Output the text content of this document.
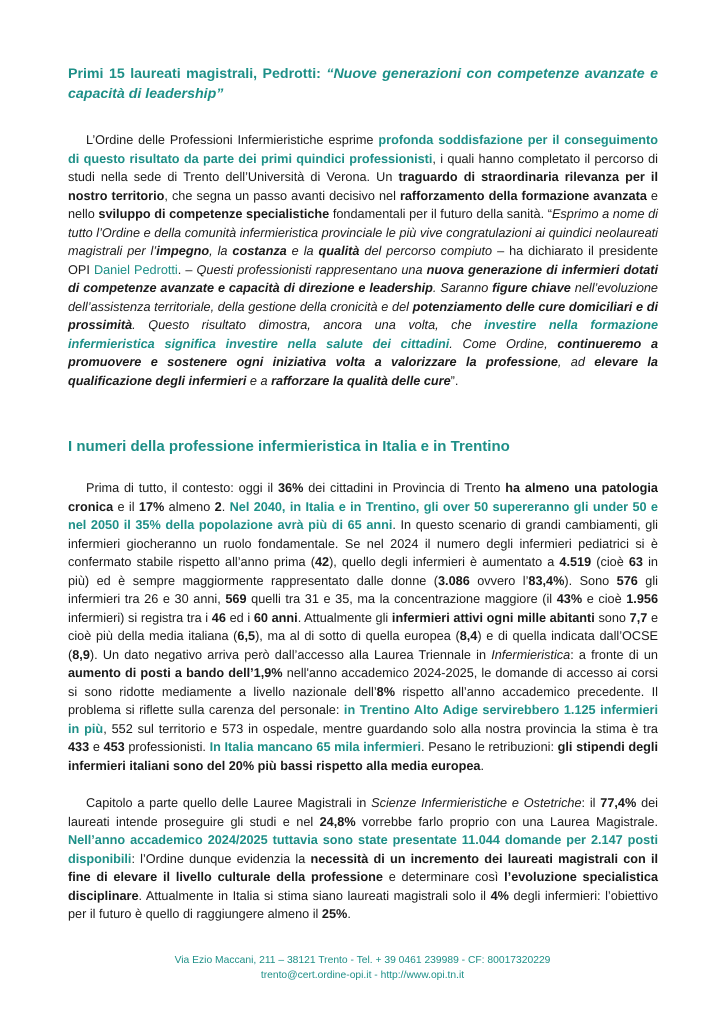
Primi 15 laureati magistrali, Pedrotti: “Nuove generazioni con competenze avanzate e capacità di leadership”

L’Ordine delle Professioni Infermieristiche esprime profonda soddisfazione per il conseguimento di questo risultato da parte dei primi quindici professionisti, i quali hanno completato il percorso di studi nella sede di Trento dell’Università di Verona. Un traguardo di straordinaria rilevanza per il nostro territorio, che segna un passo avanti decisivo nel rafforzamento della formazione avanzata e nello sviluppo di competenze specialistiche fondamentali per il futuro della sanità. “Esprimo a nome di tutto l’Ordine e della comunità infermieristica provinciale le più vive congratulazioni ai quindici neolaureati magistrali per l’impegno, la costanza e la qualità del percorso compiuto – ha dichiarato il presidente OPI Daniel Pedrotti. – Questi professionisti rappresentano una nuova generazione di infermieri dotati di competenze avanzate e capacità di direzione e leadership. Saranno figure chiave nell’evoluzione dell’assistenza territoriale, della gestione della cronicità e del potenziamento delle cure domiciliari e di prossimità. Questo risultato dimostra, ancora una volta, che investire nella formazione infermieristica significa investire nella salute dei cittadini. Come Ordine, continueremo a promuovere e sostenere ogni iniziativa volta a valorizzare la professione, ad elevare la qualificazione degli infermieri e a rafforzare la qualità delle cure”.

I numeri della professione infermieristica in Italia e in Trentino

Prima di tutto, il contesto: oggi il 36% dei cittadini in Provincia di Trento ha almeno una patologia cronica e il 17% almeno 2. Nel 2040, in Italia e in Trentino, gli over 50 supereranno gli under 50 e nel 2050 il 35% della popolazione avrà più di 65 anni. In questo scenario di grandi cambiamenti, gli infermieri giocheranno un ruolo fondamentale. Se nel 2024 il numero degli infermieri pediatrici si è confermato stabile rispetto all’anno prima (42), quello degli infermieri è aumentato a 4.519 (cioè 63 in più) ed è sempre maggiormente rappresentato dalle donne (3.086 ovvero l’83,4%). Sono 576 gli infermieri tra 26 e 30 anni, 569 quelli tra 31 e 35, ma la concentrazione maggiore (il 43% e cioè 1.956 infermieri) si registra tra i 46 ed i 60 anni. Attualmente gli infermieri attivi ogni mille abitanti sono 7,7 e cioè più della media italiana (6,5), ma al di sotto di quella europea (8,4) e di quella indicata dall’OCSE (8,9). Un dato negativo arriva però dall’accesso alla Laurea Triennale in Infermieristica: a fronte di un aumento di posti a bando dell’1,9% nell'anno accademico 2024-2025, le domande di accesso ai corsi si sono ridotte mediamente a livello nazionale dell’8% rispetto all’anno accademico precedente. Il problema si riflette sulla carenza del personale: in Trentino Alto Adige servirebbero 1.125 infermieri in più, 552 sul territorio e 573 in ospedale, mentre guardando solo alla nostra provincia la stima è tra 433 e 453 professionisti. In Italia mancano 65 mila infermieri. Pesano le retribuzioni: gli stipendi degli infermieri italiani sono del 20% più bassi rispetto alla media europea.

Capitolo a parte quello delle Lauree Magistrali in Scienze Infermieristiche e Ostetriche: il 77,4% dei laureati intende proseguire gli studi e nel 24,8% vorrebbe farlo proprio con una Laurea Magistrale. Nell’anno accademico 2024/2025 tuttavia sono state presentate 11.044 domande per 2.147 posti disponibili: l’Ordine dunque evidenzia la necessità di un incremento dei laureati magistrali con il fine di elevare il livello culturale della professione e determinare così l’evoluzione specialistica disciplinare. Attualmente in Italia si stima siano laureati magistrali solo il 4% degli infermieri: l’obiettivo per il futuro è quello di raggiungere almeno il 25%.

Via Ezio Maccani, 211 – 38121 Trento - Tel. + 39 0461 239989 - CF: 80017320229
trento@cert.ordine-opi.it - http://www.opi.tn.it
